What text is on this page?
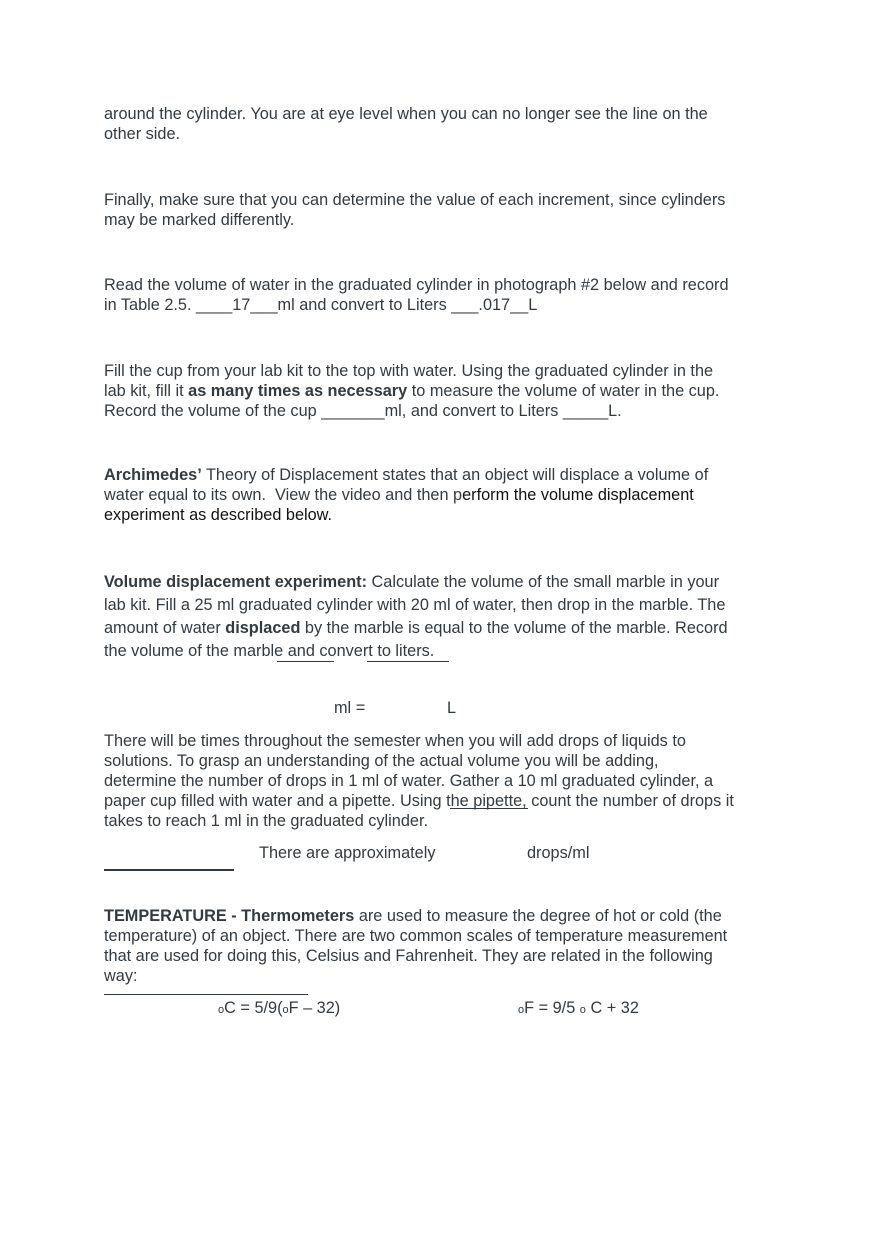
around the cylinder. You are at eye level when you can no longer see the line on the
other side.
Finally, make sure that you can determine the value of each increment, since cylinders
may be marked differently.
Read the volume of water in the graduated cylinder in photograph #2 below and record
in Table 2.5. ____17___ml and convert to Liters ___.017__L
Fill the cup from your lab kit to the top with water. Using the graduated cylinder in the
lab kit, fill it as many times as necessary to measure the volume of water in the cup.
Record the volume of the cup _______ml, and convert to Liters _____L.
Archimedes’ Theory of Displacement states that an object will displace a volume of
water equal to its own.  View the video and then perform the volume displacement
experiment as described below.
Volume displacement experiment: Calculate the volume of the small marble in your
lab kit. Fill a 25 ml graduated cylinder with 20 ml of water, then drop in the marble. The
amount of water displaced by the marble is equal to the volume of the marble. Record
the volume of the marble and convert to liters.
ml =	L
There will be times throughout the semester when you will add drops of liquids to
solutions. To grasp an understanding of the actual volume you will be adding,
determine the number of drops in 1 ml of water. Gather a 10 ml graduated cylinder, a
paper cup filled with water and a pipette. Using the pipette, count the number of drops it
takes to reach 1 ml in the graduated cylinder.
There are approximately	drops/ml
TEMPERATURE - Thermometers are used to measure the degree of hot or cold (the
temperature) of an object. There are two common scales of temperature measurement
that are used for doing this, Celsius and Fahrenheit. They are related in the following
way:
oC = 5/9(oF – 32)	oF = 9/5 o C + 32
